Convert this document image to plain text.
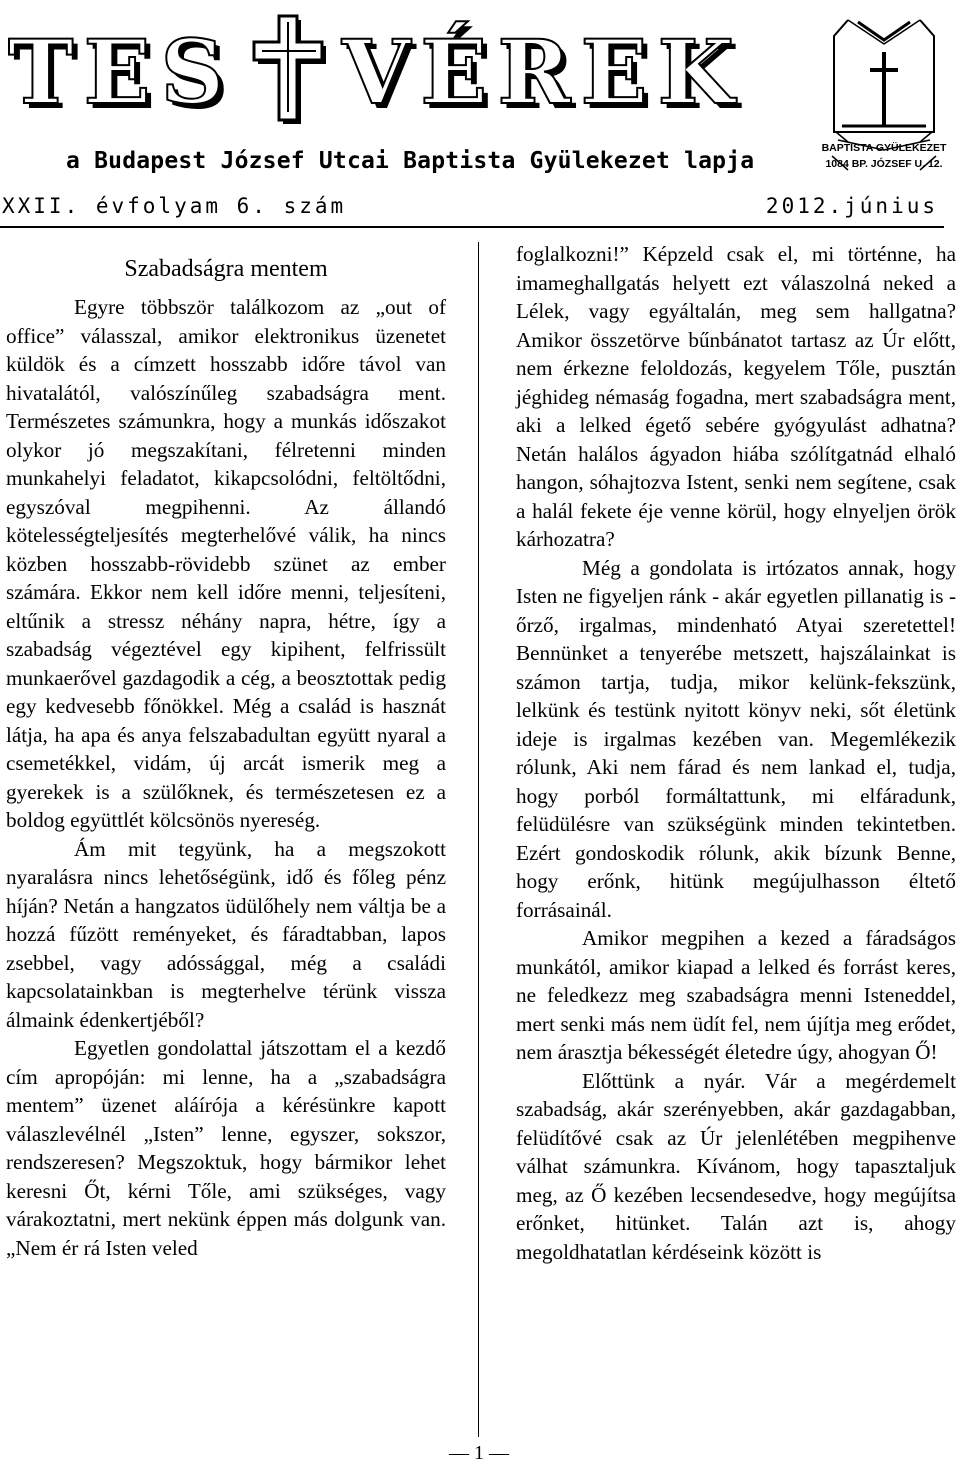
TES VÉREK
BAPTISTA GYÜLEKEZET
1084 BP. JÓZSEF U. 12.
a Budapest József Utcai Baptista Gyülekezet lapja
XXII. évfolyam 6. szám	2012.június
Szabadságra mentem

Egyre többször találkozom az „out of office” válasszal, amikor elektronikus üzenetet küldök és a címzett hosszabb időre távol van hivatalától, valószínűleg szabadságra ment. Természetes számunkra, hogy a munkás időszakot olykor jó megszakítani, félretenni minden munkahelyi feladatot, kikapcsolódni, feltöltődni, egyszóval megpihenni. Az állandó kötelességteljesítés megterhelővé válik, ha nincs közben hosszabb-rövidebb szünet az ember számára. Ekkor nem kell időre menni, teljesíteni, eltűnik a stressz néhány napra, hétre, így a szabadság végeztével egy kipihent, felfrissült munkaerővel gazdagodik a cég, a beosztottak pedig egy kedvesebb főnökkel. Még a család is hasznát látja, ha apa és anya felszabadultan együtt nyaral a csemetékkel, vidám, új arcát ismerik meg a gyerekek is a szülőknek, és természetesen ez a boldog együttlét kölcsönös nyereség.

Ám mit tegyünk, ha a megszokott nyaralásra nincs lehetőségünk, idő és főleg pénz híján? Netán a hangzatos üdülőhely nem váltja be a hozzá fűzött reményeket, és fáradtabban, lapos zsebbel, vagy adóssággal, még a családi kapcsolatainkban is megterhelve térünk vissza álmaink édenkertjéből?

Egyetlen gondolattal játszottam el a kezdő cím apropóján: mi lenne, ha a „szabadságra mentem” üzenet aláírója a kérésünkre kapott válaszlevélnél „Isten” lenne, egyszer, sokszor, rendszeresen? Megszoktuk, hogy bármikor lehet keresni Őt, kérni Tőle, ami szükséges, vagy várakoztatni, mert nekünk éppen más dolgunk van. „Nem ér rá Isten veled

foglalkozni!” Képzeld csak el, mi történne, ha imameghallgatás helyett ezt válaszolná neked a Lélek, vagy egyáltalán, meg sem hallgatna? Amikor összetörve bűnbánatot tartasz az Úr előtt, nem érkezne feloldozás, kegyelem Tőle, pusztán jéghideg némaság fogadna, mert szabadságra ment, aki a lelked égető sebére gyógyulást adhatna? Netán halálos ágyadon hiába szólítgatnád elhaló hangon, sóhajtozva Istent, senki nem segítene, csak a halál fekete éje venne körül, hogy elnyeljen örök kárhozatra?

Még a gondolata is irtózatos annak, hogy Isten ne figyeljen ránk - akár egyetlen pillanatig is - őrző, irgalmas, mindenható Atyai szeretettel! Bennünket a tenyerébe metszett, hajszálainkat is számon tartja, tudja, mikor kelünk-fekszünk, lelkünk és testünk nyitott könyv neki, sőt életünk ideje is irgalmas kezében van. Megemlékezik rólunk, Aki nem fárad és nem lankad el, tudja, hogy porból formáltattunk, mi elfáradunk, felüdülésre van szükségünk minden tekintetben. Ezért gondoskodik rólunk, akik bízunk Benne, hogy erőnk, hitünk megújulhasson éltető forrásainál.

Amikor megpihen a kezed a fáradságos munkától, amikor kiapad a lelked és forrást keres, ne feledkezz meg szabadságra menni Isteneddel, mert senki más nem üdít fel, nem újítja meg erődet, nem árasztja békességét életedre úgy, ahogyan Ő!

Előttünk a nyár. Vár a megérdemelt szabadság, akár szerényebben, akár gazdagabban, felüdítővé csak az Úr jelenlétében megpihenve válhat számunkra. Kívánom, hogy tapasztaljuk meg, az Ő kezében lecsendesedve, hogy megújítsa erőnket, hitünket. Talán azt is, ahogy megoldhatatlan kérdéseink között is

— 1 —
